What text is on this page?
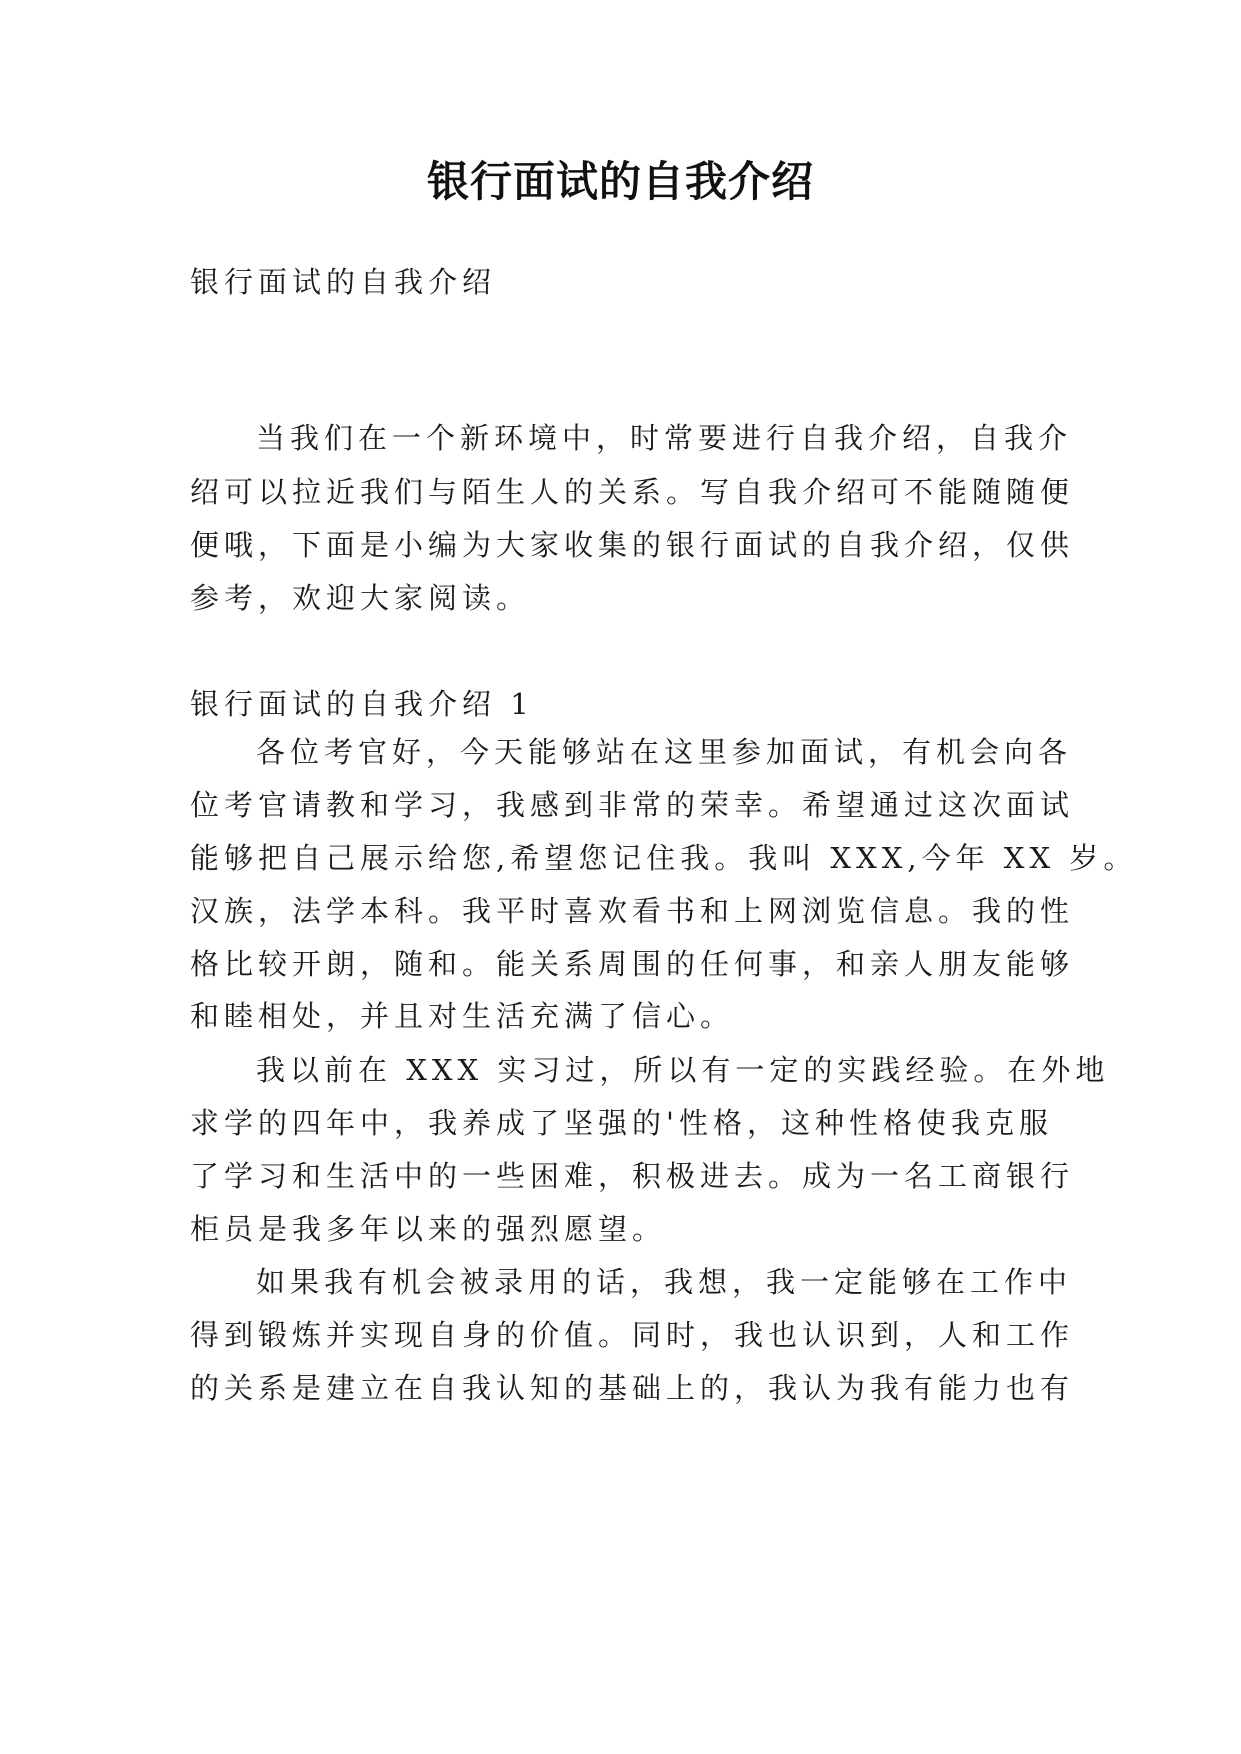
银行面试的自我介绍

银行面试的自我介绍

当我们在一个新环境中，时常要进行自我介绍，自我介

绍可以拉近我们与陌生人的关系。写自我介绍可不能随随便

便哦，下面是小编为大家收集的银行面试的自我介绍，仅供

参考，欢迎大家阅读。

银行面试的自我介绍 1

各位考官好，今天能够站在这里参加面试，有机会向各

位考官请教和学习，我感到非常的荣幸。希望通过这次面试

能够把自己展示给您,希望您记住我。我叫 XXX,今年 XX 岁。

汉族，法学本科。我平时喜欢看书和上网浏览信息。我的性

格比较开朗，随和。能关系周围的任何事，和亲人朋友能够

和睦相处，并且对生活充满了信心。

我以前在 XXX 实习过，所以有一定的实践经验。在外地

求学的四年中，我养成了坚强的'性格，这种性格使我克服

了学习和生活中的一些困难，积极进去。成为一名工商银行

柜员是我多年以来的强烈愿望。

如果我有机会被录用的话，我想，我一定能够在工作中

得到锻炼并实现自身的价值。同时，我也认识到，人和工作

的关系是建立在自我认知的基础上的，我认为我有能力也有
